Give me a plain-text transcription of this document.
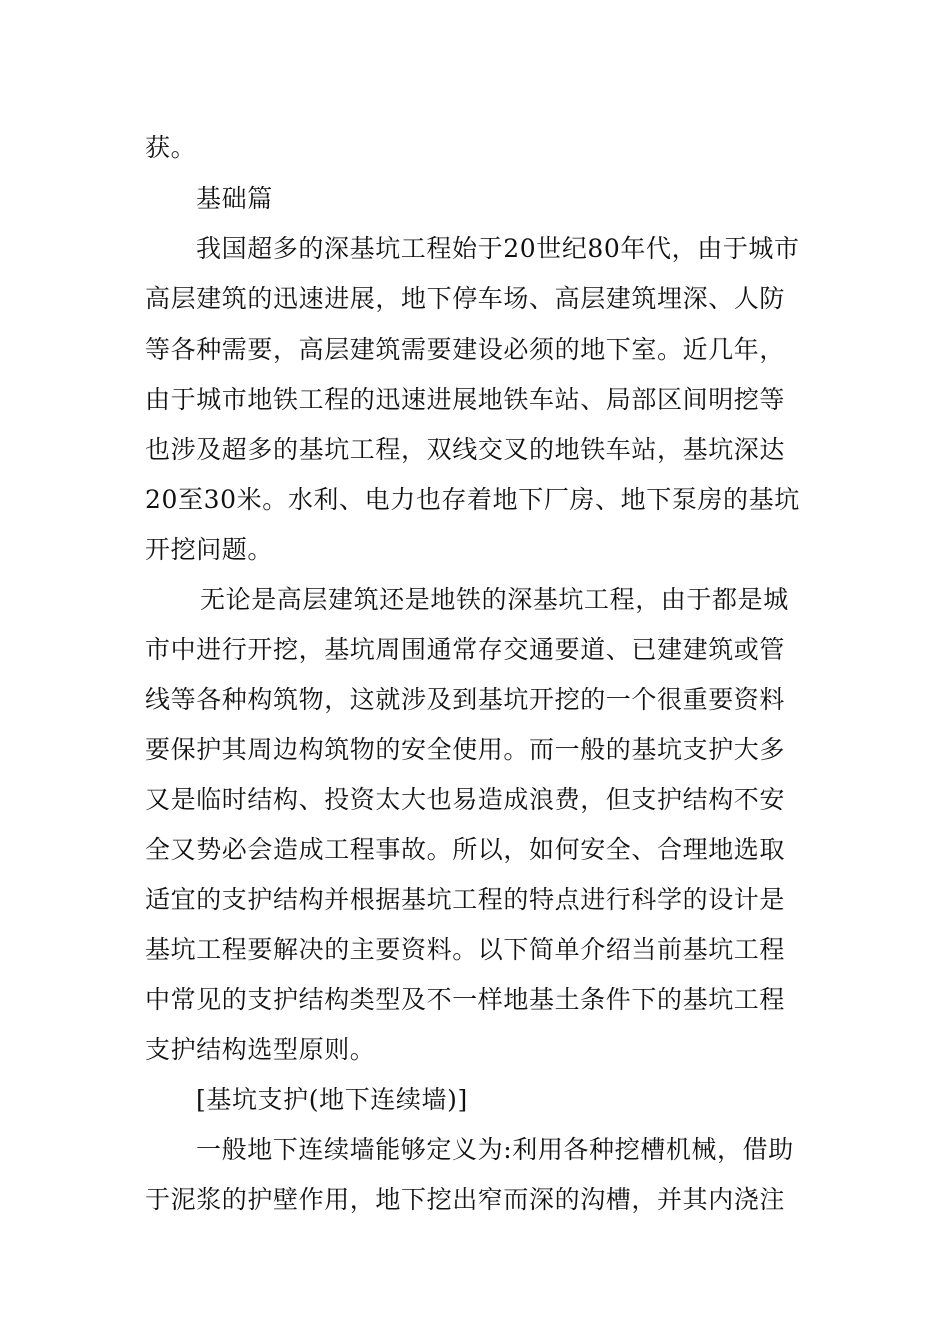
获。
基础篇
我国超多的深基坑工程始于20世纪80年代，由于城市
高层建筑的迅速进展，地下停车场、高层建筑埋深、人防
等各种需要，高层建筑需要建设必须的地下室。近几年，
由于城市地铁工程的迅速进展地铁车站、局部区间明挖等
也涉及超多的基坑工程，双线交叉的地铁车站，基坑深达
20至30米。水利、电力也存着地下厂房、地下泵房的基坑
开挖问题。
无论是高层建筑还是地铁的深基坑工程，由于都是城
市中进行开挖，基坑周围通常存交通要道、已建建筑或管
线等各种构筑物，这就涉及到基坑开挖的一个很重要资料
要保护其周边构筑物的安全使用。而一般的基坑支护大多
又是临时结构、投资太大也易造成浪费，但支护结构不安
全又势必会造成工程事故。所以，如何安全、合理地选取
适宜的支护结构并根据基坑工程的特点进行科学的设计是
基坑工程要解决的主要资料。以下简单介绍当前基坑工程
中常见的支护结构类型及不一样地基土条件下的基坑工程
支护结构选型原则。
[基坑支护(地下连续墙)]
一般地下连续墙能够定义为:利用各种挖槽机械，借助
于泥浆的护壁作用，地下挖出窄而深的沟槽，并其内浇注
